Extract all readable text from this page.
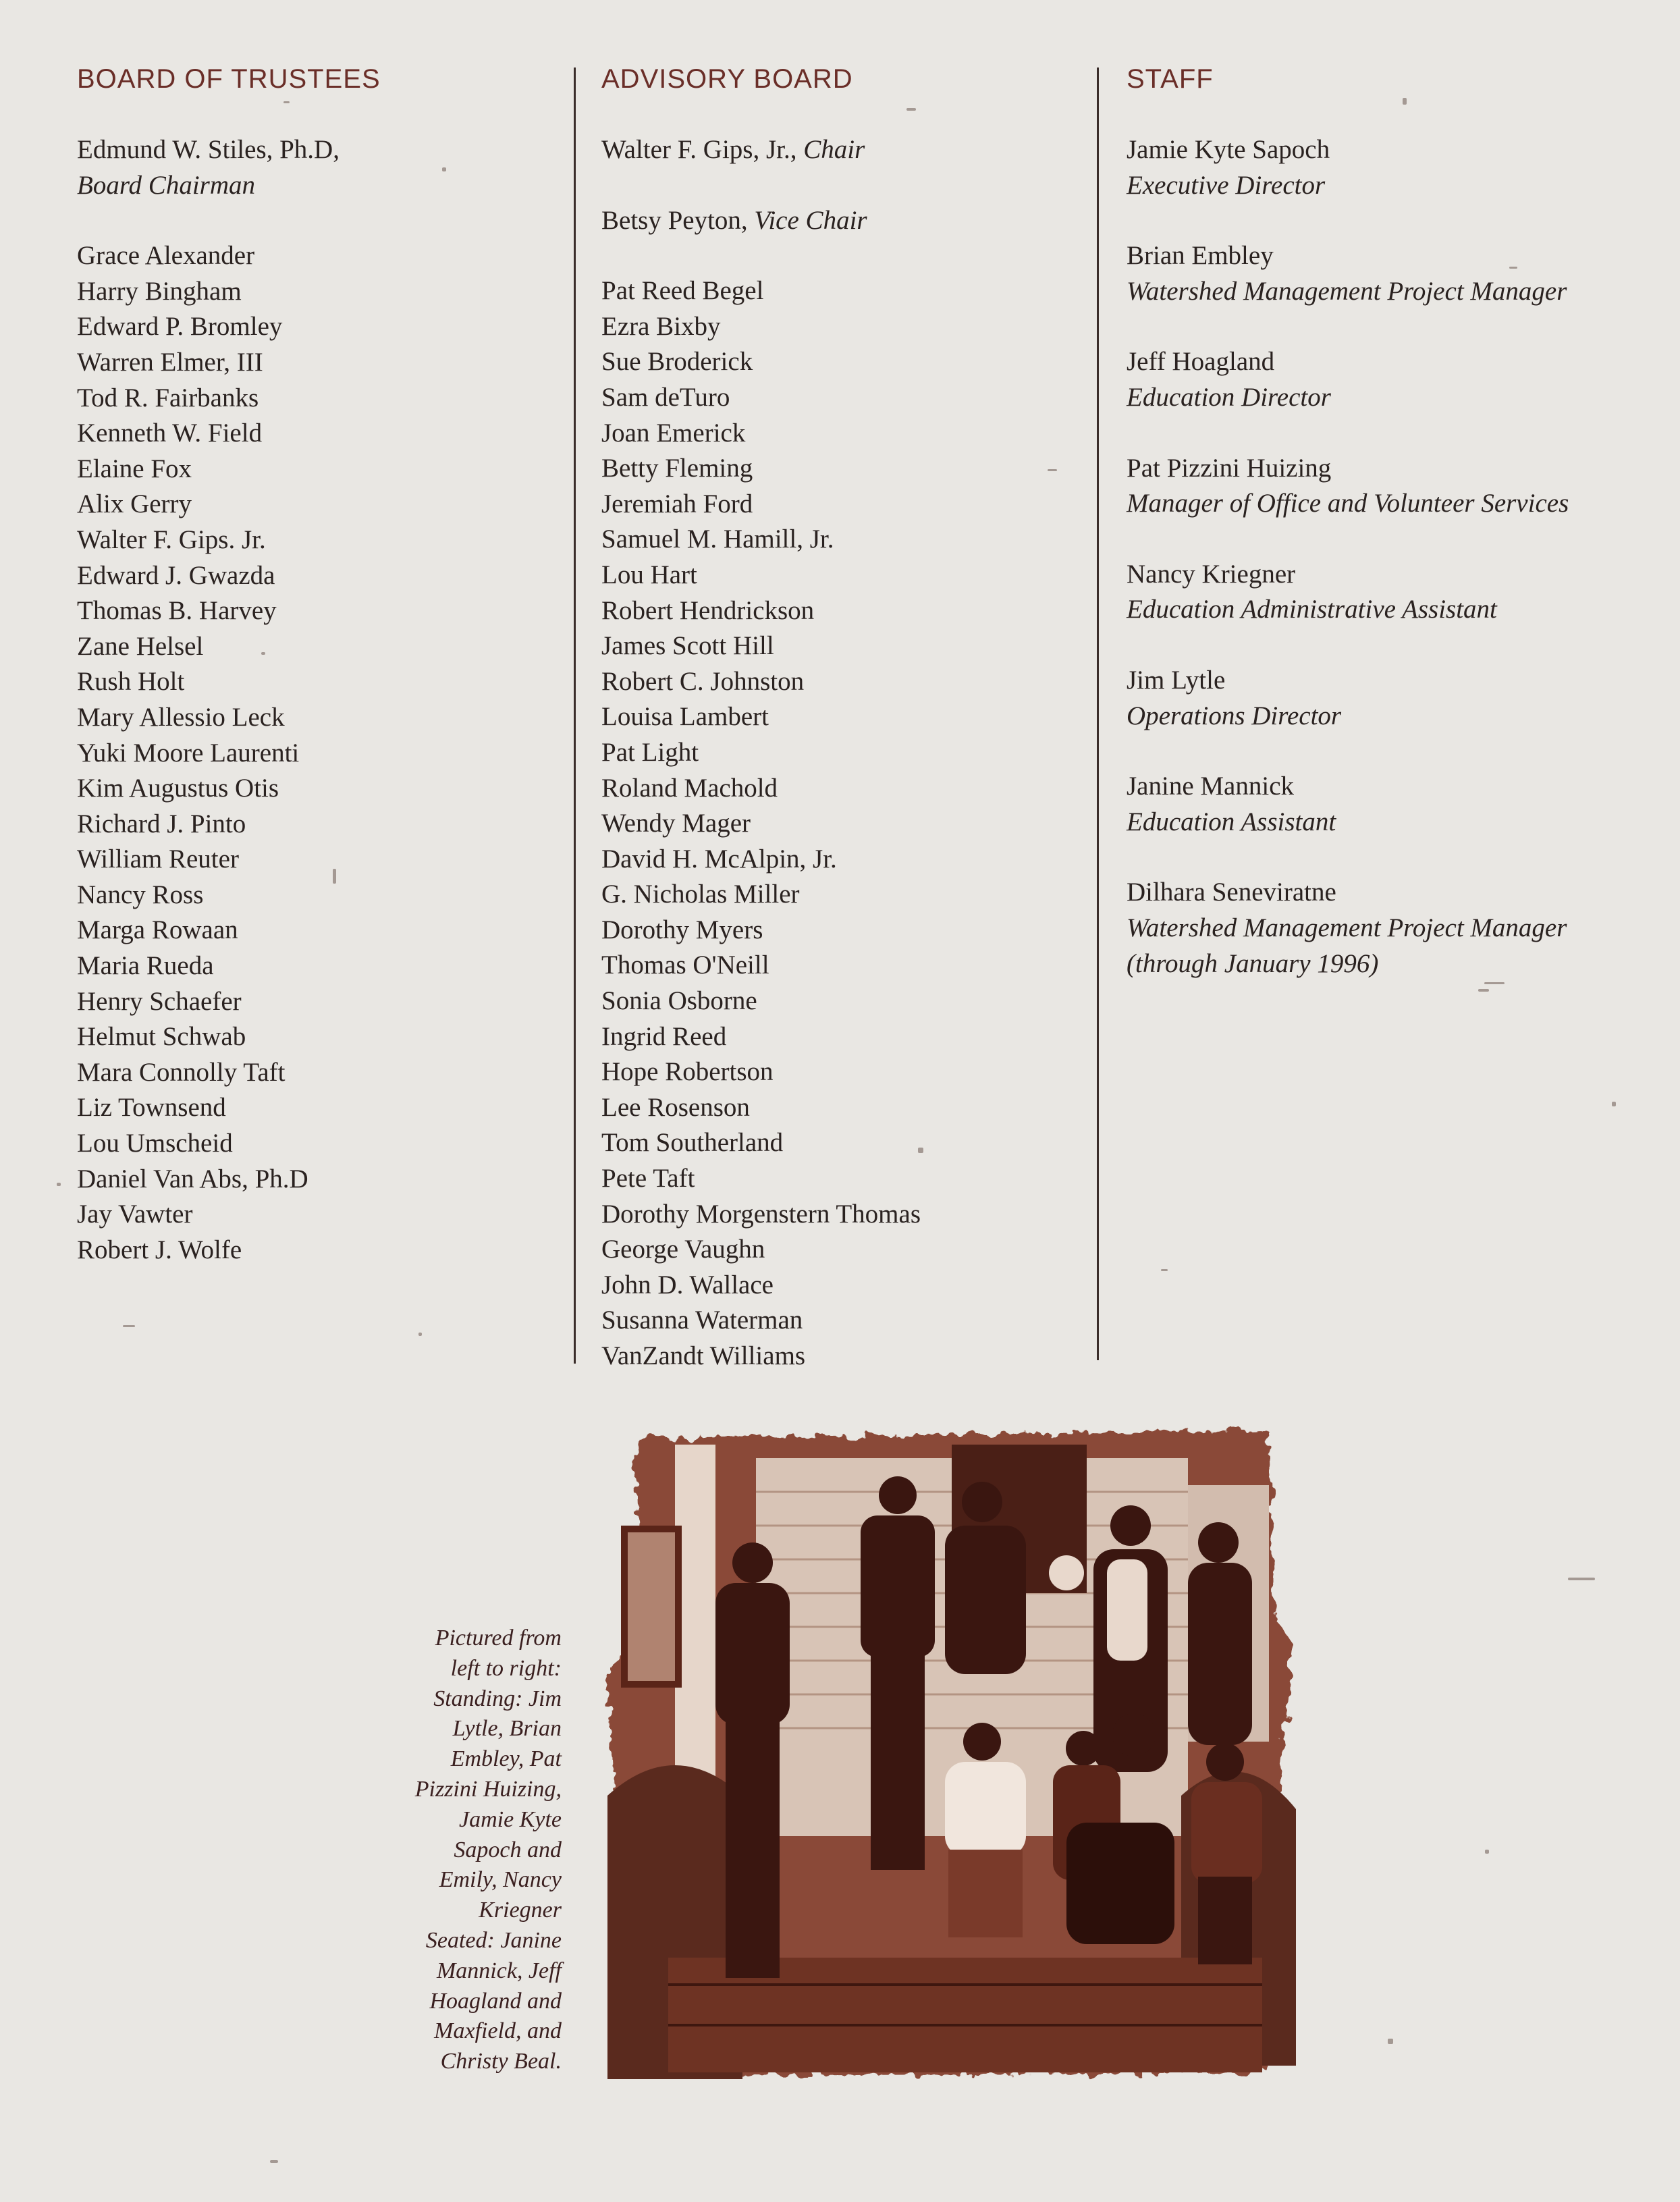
BOARD OF TRUSTEES
Edmund W. Stiles, Ph.D,
Board Chairman
Grace Alexander
Harry Bingham
Edward P. Bromley
Warren Elmer, III
Tod R. Fairbanks
Kenneth W. Field
Elaine Fox
Alix Gerry
Walter F. Gips. Jr.
Edward J. Gwazda
Thomas B. Harvey
Zane Helsel
Rush Holt
Mary Allessio Leck
Yuki Moore Laurenti
Kim Augustus Otis
Richard J. Pinto
William Reuter
Nancy Ross
Marga Rowaan
Maria Rueda
Henry Schaefer
Helmut Schwab
Mara Connolly Taft
Liz Townsend
Lou Umscheid
Daniel Van Abs, Ph.D
Jay Vawter
Robert J. Wolfe
ADVISORY BOARD
Walter F. Gips, Jr., Chair
Betsy Peyton, Vice Chair
Pat Reed Begel
Ezra Bixby
Sue Broderick
Sam deTuro
Joan Emerick
Betty Fleming
Jeremiah Ford
Samuel M. Hamill, Jr.
Lou Hart
Robert Hendrickson
James Scott Hill
Robert C. Johnston
Louisa Lambert
Pat Light
Roland Machold
Wendy Mager
David H. McAlpin, Jr.
G. Nicholas Miller
Dorothy Myers
Thomas O'Neill
Sonia Osborne
Ingrid Reed
Hope Robertson
Lee Rosenson
Tom Southerland
Pete Taft
Dorothy Morgenstern Thomas
George Vaughn
John D. Wallace
Susanna Waterman
VanZandt Williams
STAFF
Jamie Kyte Sapoch
Executive Director
Brian Embley
Watershed Management Project Manager
Jeff Hoagland
Education Director
Pat Pizzini Huizing
Manager of Office and Volunteer Services
Nancy Kriegner
Education Administrative Assistant
Jim Lytle
Operations Director
Janine Mannick
Education Assistant
Dilhara Seneviratne
Watershed Management Project Manager
(through January 1996)
Pictured from
left to right:
Standing: Jim
Lytle, Brian
Embley, Pat
Pizzini Huizing,
Jamie Kyte
Sapoch and
Emily, Nancy
Kriegner
Seated: Janine
Mannick, Jeff
Hoagland and
Maxfield, and
Christy Beal.
